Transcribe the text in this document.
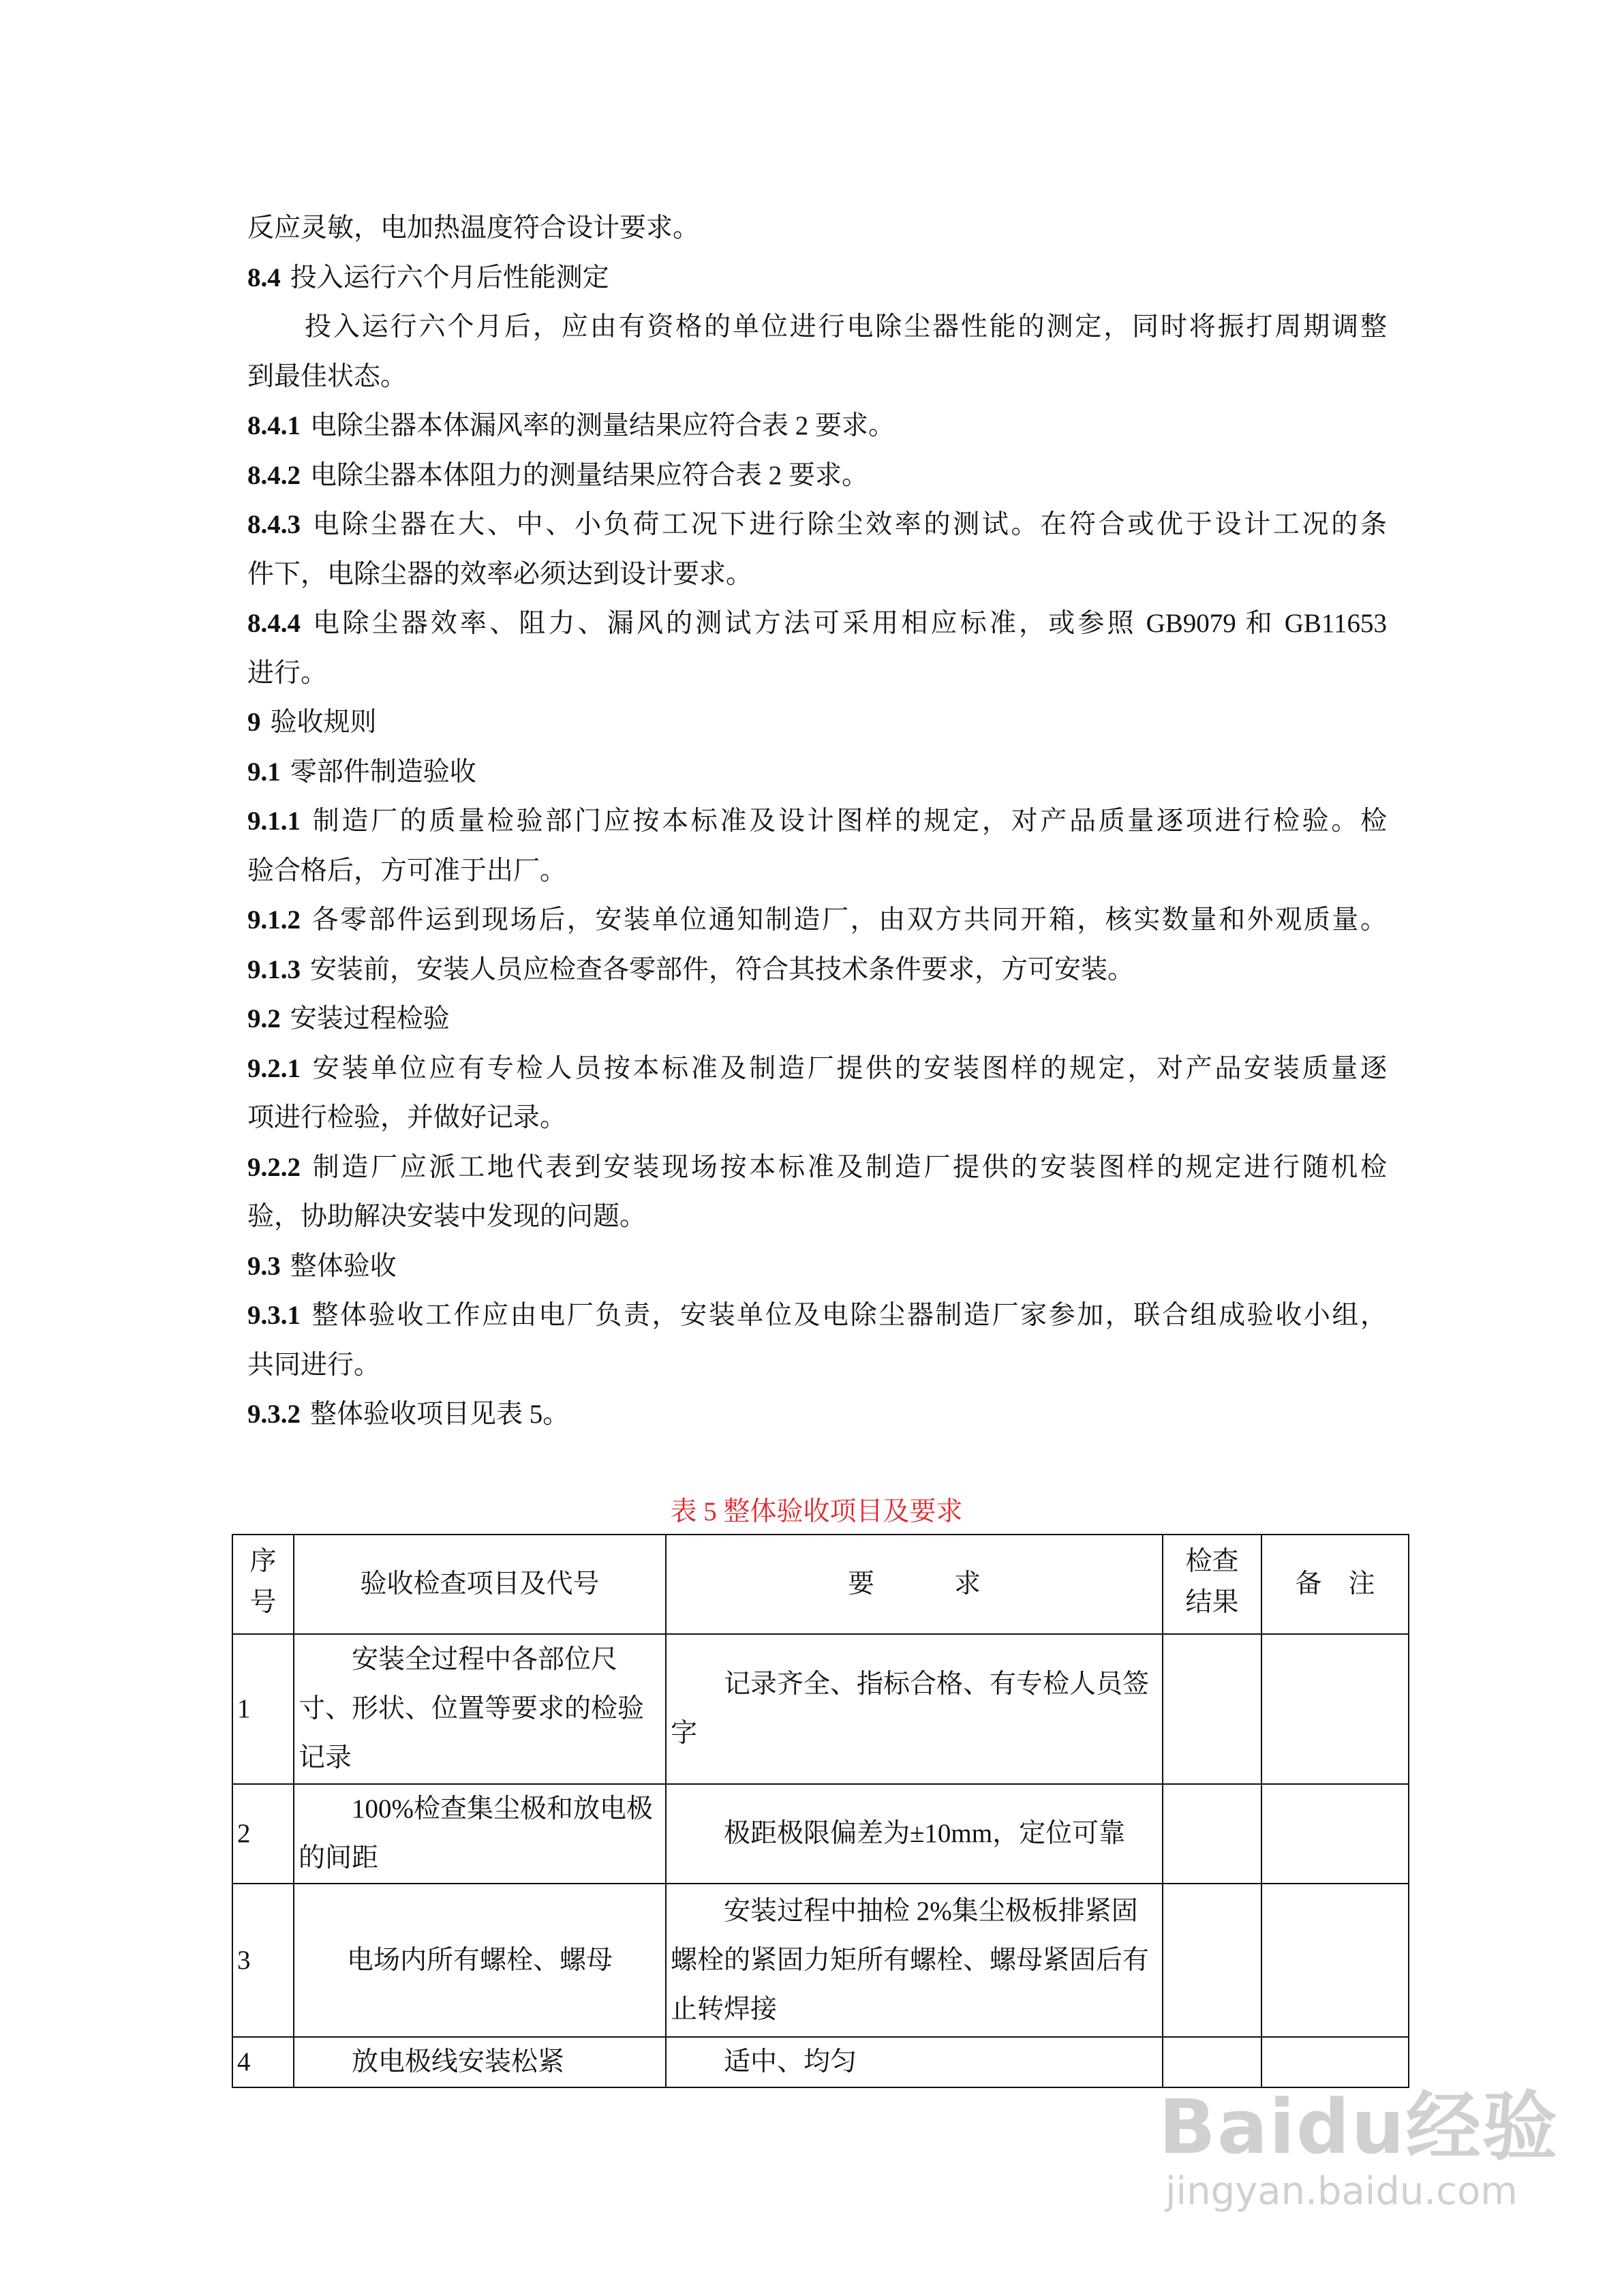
反应灵敏，电加热温度符合设计要求。
8.4 投入运行六个月后性能测定
投入运行六个月后，应由有资格的单位进行电除尘器性能的测定，同时将振打周期调整
到最佳状态。
8.4.1 电除尘器本体漏风率的测量结果应符合表 2 要求。
8.4.2 电除尘器本体阻力的测量结果应符合表 2 要求。
8.4.3 电除尘器在大、中、小负荷工况下进行除尘效率的测试。在符合或优于设计工况的条
件下，电除尘器的效率必须达到设计要求。
8.4.4 电除尘器效率、阻力、漏风的测试方法可采用相应标准，或参照 GB9079 和 GB11653
进行。
9 验收规则
9.1 零部件制造验收
9.1.1 制造厂的质量检验部门应按本标准及设计图样的规定，对产品质量逐项进行检验。检
验合格后，方可准于出厂。
9.1.2 各零部件运到现场后，安装单位通知制造厂，由双方共同开箱，核实数量和外观质量。
9.1.3 安装前，安装人员应检查各零部件，符合其技术条件要求，方可安装。
9.2 安装过程检验
9.2.1 安装单位应有专检人员按本标准及制造厂提供的安装图样的规定，对产品安装质量逐
项进行检验，并做好记录。
9.2.2 制造厂应派工地代表到安装现场按本标准及制造厂提供的安装图样的规定进行随机检
验，协助解决安装中发现的问题。
9.3 整体验收
9.3.1 整体验收工作应由电厂负责，安装单位及电除尘器制造厂家参加，联合组成验收小组，
共同进行。
9.3.2 整体验收项目见表 5。
表 5 整体验收项目及要求
序号	验收检查项目及代号	要　　　求	检查结果	备　注
1	安装全过程中各部位尺寸、形状、位置等要求的检验记录	记录齐全、指标合格、有专检人员签字		
2	100%检查集尘极和放电极的间距	极距极限偏差为±10mm，定位可靠		
3	电场内所有螺栓、螺母	安装过程中抽检 2%集尘极板排紧固螺栓的紧固力矩所有螺栓、螺母紧固后有止转焊接		
4	放电极线安装松紧	适中、均匀		
Baidu经验
jingyan.baidu.com
